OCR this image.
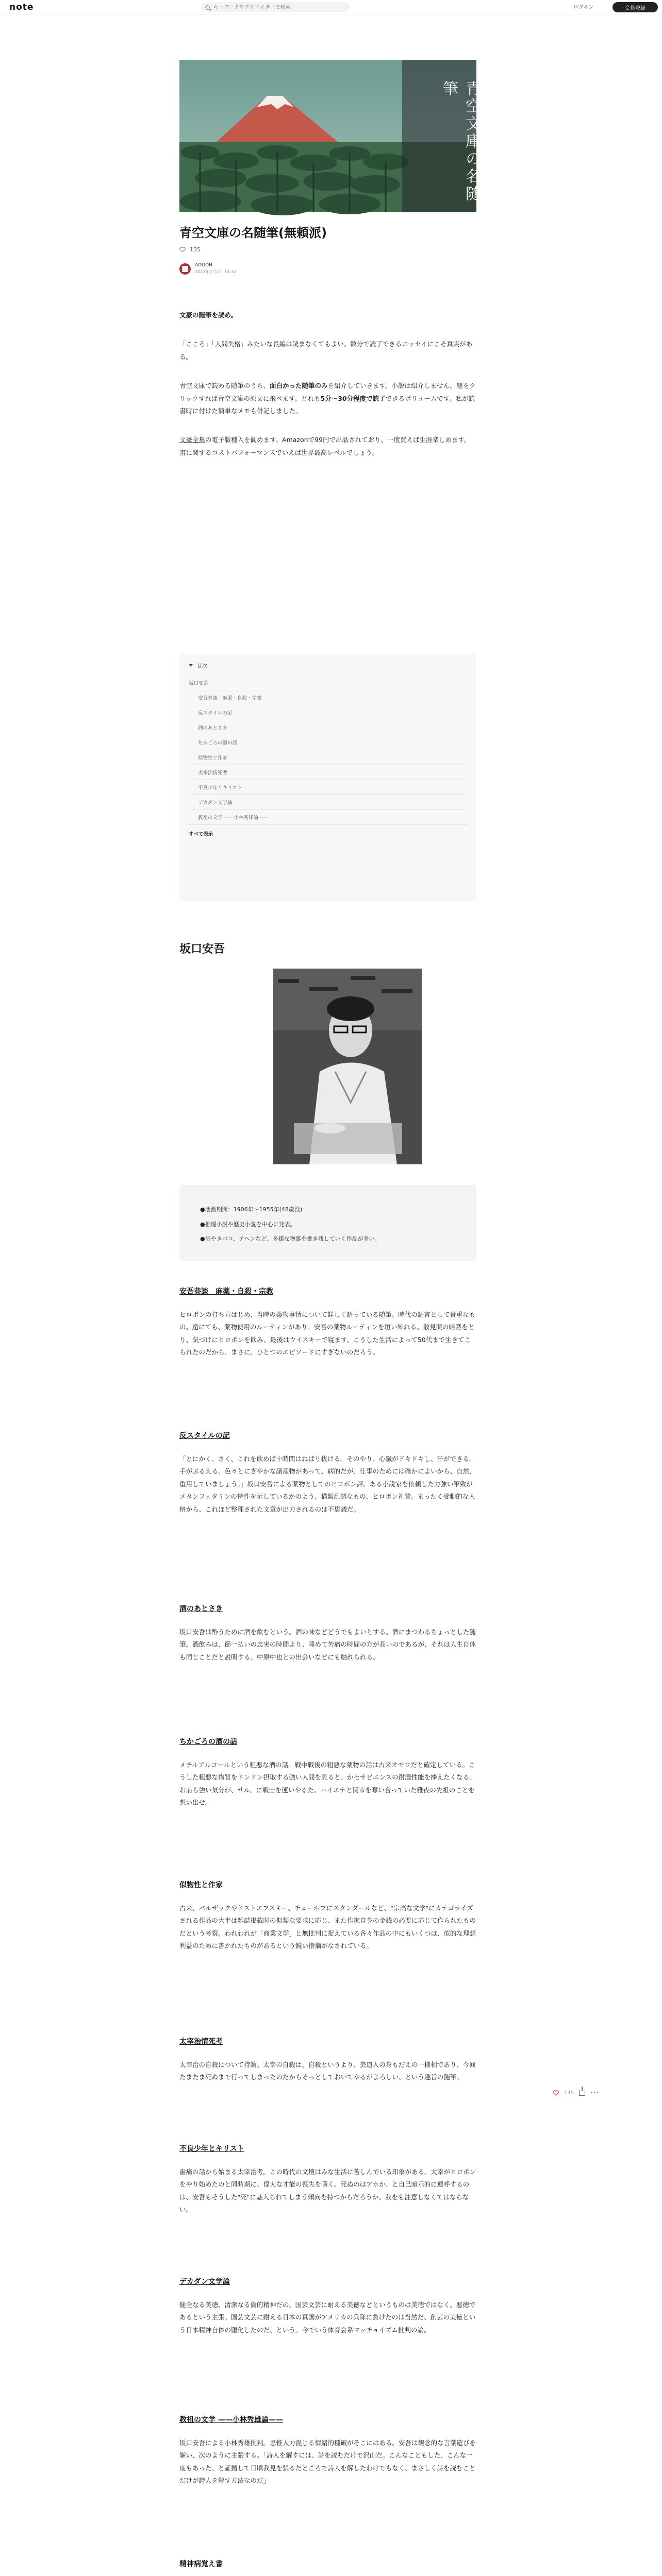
note
キーワードやクリエイターで検索	ログイン	会員登録
青空文庫の名随筆
青空文庫の名随筆(無頼派)
135
AOGON
2023年7月2日 14:32

文豪の随筆を読め。

「こころ」「人間失格」みたいな長編は読まなくてもよい。数分で読了できるエッセイにこそ真実がある。

青空文庫で読める随筆のうち、面白かった随筆のみを紹介していきます。小説は紹介しません。題をクリックすれば青空文庫の原文に飛べます。どれも5分〜30分程度で読了できるボリュームです。私が読書時に付けた簡単なメモも併記しました。

文豪全集の電子版種入を勧めます。Amazonで99円で出品されており、一度買えば生涯楽しめます。書に関するコストパフォーマンスでいえば世界最高レベルでしょう。

目次
坂口安吾
安吾巷談　麻薬・自殺・宗教
反スタイルの記
酒のあとさき
ちかごろの酒の話
似物性と作家
太宰治情死考
不良少年とキリスト
デカダン文学論
教祖の文学 ——小林秀雄論——
すべて表示
坂口安吾
●活動期間：1906年〜1955年(48歳没)
●推理小説や歴史小説を中心に発表。
●酒やタバコ、アヘンなど、多様な物事を書き残していく作品が多い。
安吾巷談　麻薬・自殺・宗教

ヒロポンの打ち方はじめ、当時の薬物事情について詳しく語っている随筆。時代の証言として貴重なもの。遠にても、薬物使用のルーティンがあり、安吾の薬物ルーティンを垣い知れる。散見薬の暗黙をとり、気づけにヒロポンを飲み、最後はウイスキーで寝ます。こうした生活によって50代まで生きてこられたのだから、まさに、ひとつのエピソードにすぎないのだろう。

反スタイルの記

「とにかく、さく、これを飲めば十時間はねばり抜ける。そのやり、心臓がドキドキし、汗ができる。手がぶるえる。色々とにぎやかな副産物があって、病的だが、仕事のためには確かによいから、自然、重用していましょう。」坂口安吾による薬物としてのヒロポン評。ある小説家を依頼した力強い筆致がメタンフェタミンの特性を示しているかのよう。猫類乱調なもの、ヒロポン礼賛。まったく受動的な人格から、これほど整理された文章が出力されるのは不思議だ。

酒のあとさき

坂口安吾は酔うために酒を飲むという。酒の味などどうでもよいとする。酒にまつわるちょっとした随筆。酒飲みは、節一払いの忠実の時間より、睡めて苦痛の時間の方が長いのであるが、それは人生自体も同じことだと説明する。中原中也との出会いなどにも触れられる。

ちかごろの酒の話

メチルアルコールという粗悪な酒の話。戦中戦後の粗悪な薬物の話は古来オモロだと確定している。こうした粗悪な物質をドンドン摂取する強い人間を見ると、かセサビエンスの耐濃性能を捧えたくなる。お前ら強い気分が、サル、に戦士を運いやるた。ハイエナと関市を奪い合っていた雅夜の先祖のことを想い出せ。

似物性と作家

古来、バルザックやドストエフスキー、チェーホフにスタンダールなど、"宗高な文学"にカテゴライズされる作品の大半は雑誌掲載时の似類な要求に応じ、また作家自身の金銭の必要に応じて作られたものだという考察。われわれが「商業文学」と無批判に捉えている各々作品の中にもいくつは、似的な理想利益のために書かれたものがあるという鋭い指摘がなされている。

太宰治情死考

太宰治の自殺について持論。太宰の自殺は、自殺というより、芸道入の身もだえの一様相であり、今回たまたま死ぬまで行ってしまったのだからそっとしておいてやるがよろしい、という趣旨の随筆。

不良少年とキリスト

歯痛の話から始まる太宰治考。この時代の文壇はみな生活に苦しんでいる印象がある。太宰がヒロポンをやり始めたのと同時期に、偉大な才能の喪失を嘆く。死ぬのはアホか、と自己暗示的に連呼するのは、安吾もそうした"死"に魅入られてしまう傾向を持つからだろうか。我をも注意しなくてはならない。

デカダン文学論

健全なる美徳、清潔なる倫的精神だの、国芸文芸に耐える美徳などというものは美徳ではなく、悪徳であるという主張。国芸文芸に耐える日本の真国がアメリカの兵隊に負けたのは当然だ、創芸の美徳という日本精神自体の堕化したのだ、という。今でいう体育会系マッチョイズム批判の論。

教祖の文学 ——小林秀雄論——

坂口安吾による小林秀雄批判。思惟入力混じる情緒的種破がそこにはある。安吾は観念的な言葉遊びを嫌い、次のように主張する。「詩人を解すには、詩を読むだけで沢山だ。こんなこともした、こんな一度もあった、と証拠して日頃我見を張るだところで詩人を解したわけでもなく、まさしく詩を読むことだけが詩人を解す方法なのだ」

精神病覚え書

135	···
